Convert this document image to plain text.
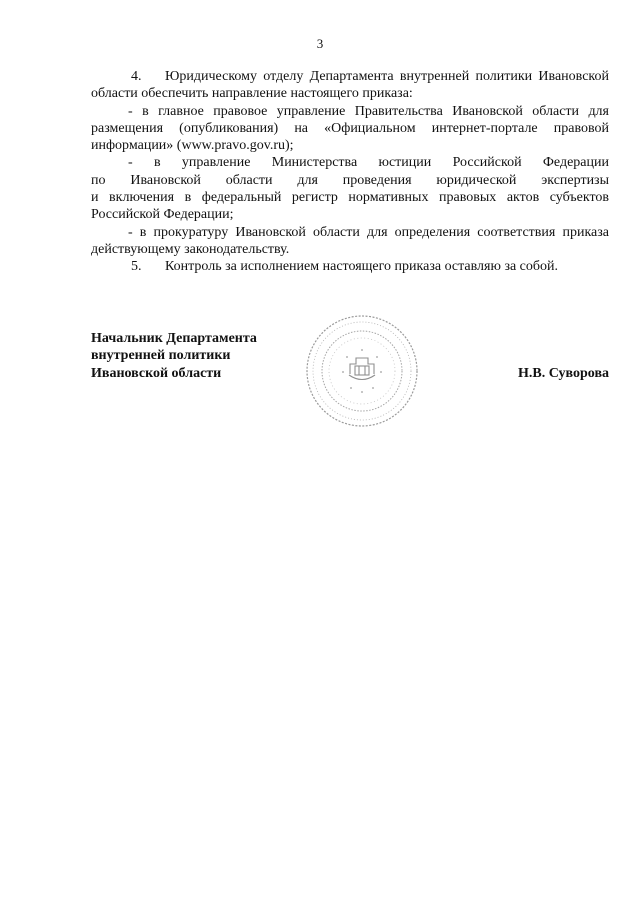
3

4. Юридическому отделу Департамента внутренней политики Ивановской области обеспечить направление настоящего приказа:

- в главное правовое управление Правительства Ивановской области для размещения (опубликования) на «Официальном интернет-портале правовой информации» (www.pravo.gov.ru);

- в управление Министерства юстиции Российской Федерации

по Ивановской области для проведения юридической экспертизы

и включения в федеральный регистр нормативных правовых актов субъектов Российской Федерации;

- в прокуратуру Ивановской области для определения соответствия приказа действующему законодательству.

5. Контроль за исполнением настоящего приказа оставляю за собой.

Начальник Департамента

внутренней политики

Ивановской области	Н.В. Суворова
